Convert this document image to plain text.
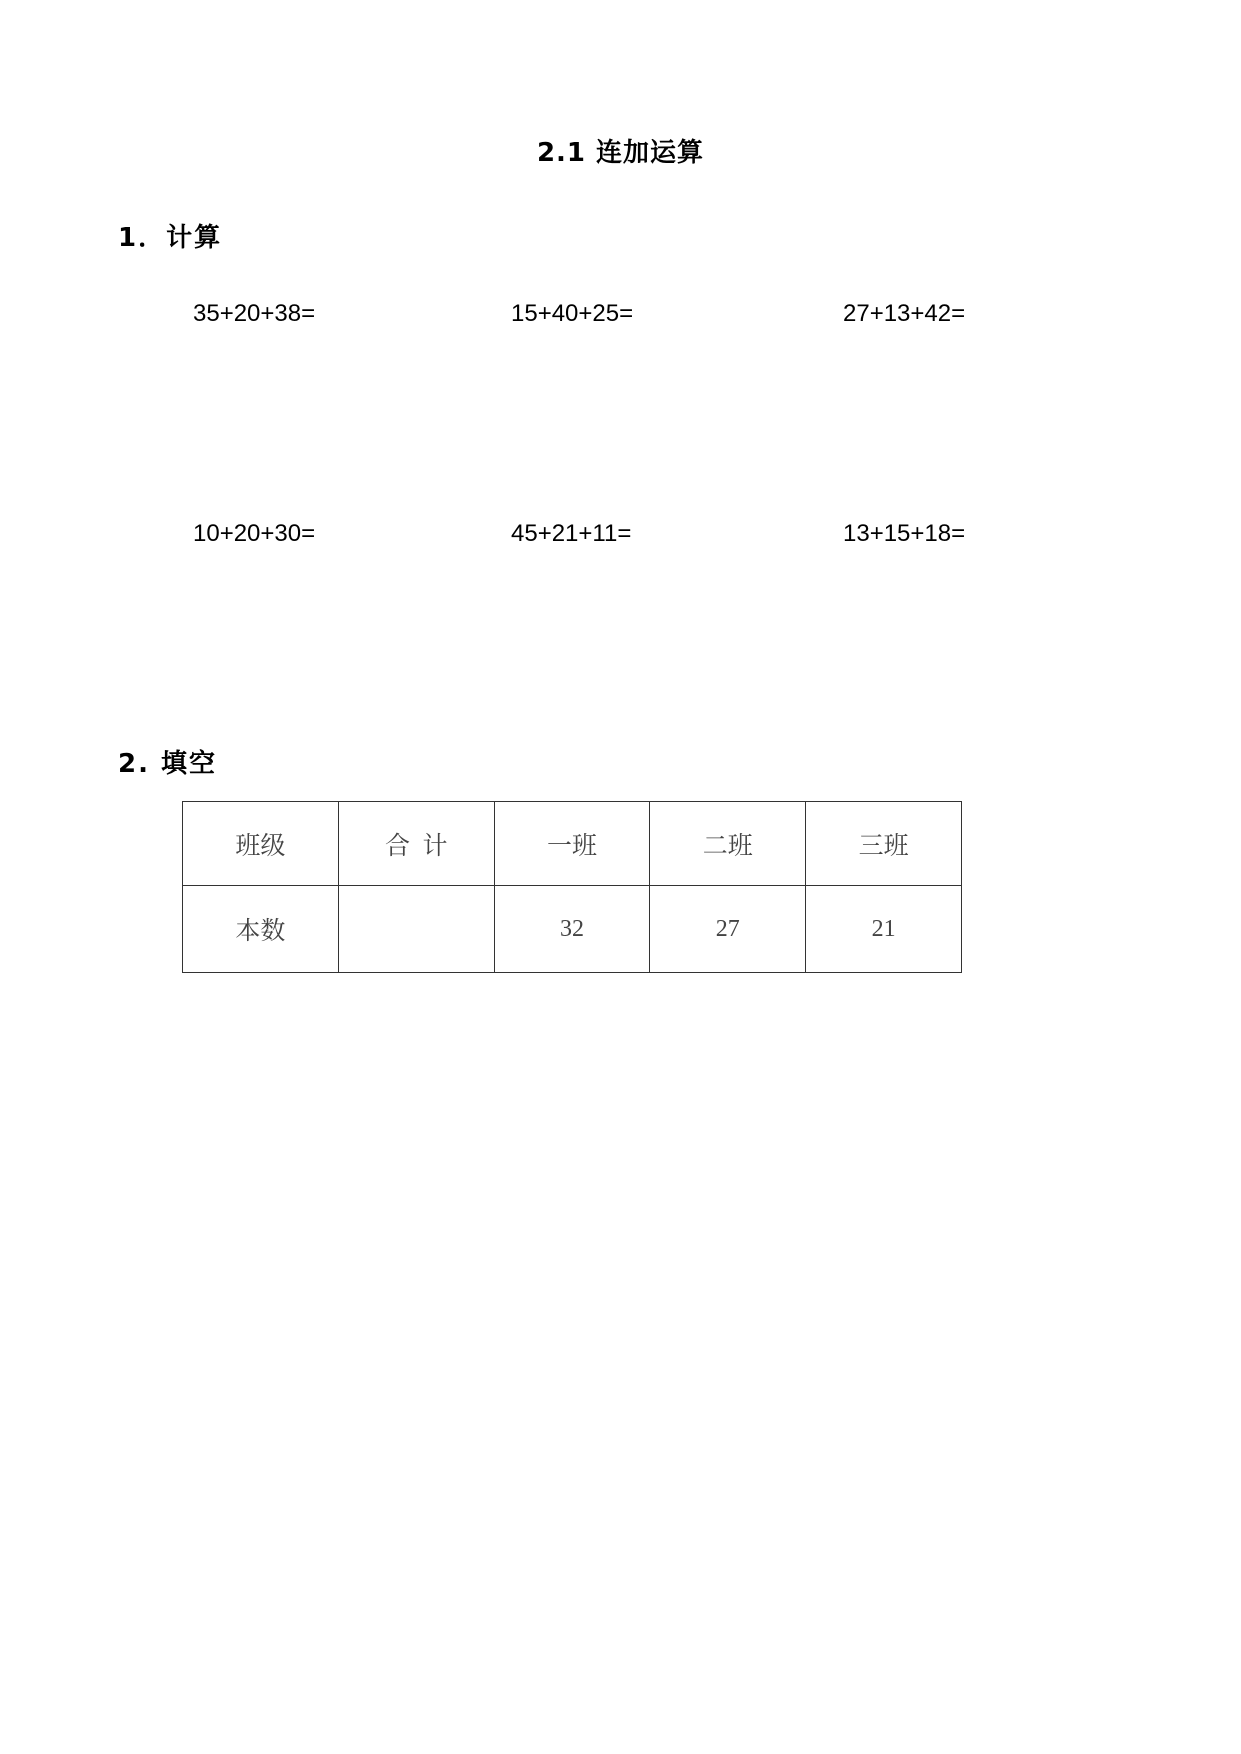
2.1 连加运算
1．计算
35+20+38=	15+40+25=	27+13+42=
10+20+30=	45+21+11=	13+15+18=
2. 填空
班级	合  计	一班	二班	三班
本数		32	27	21
